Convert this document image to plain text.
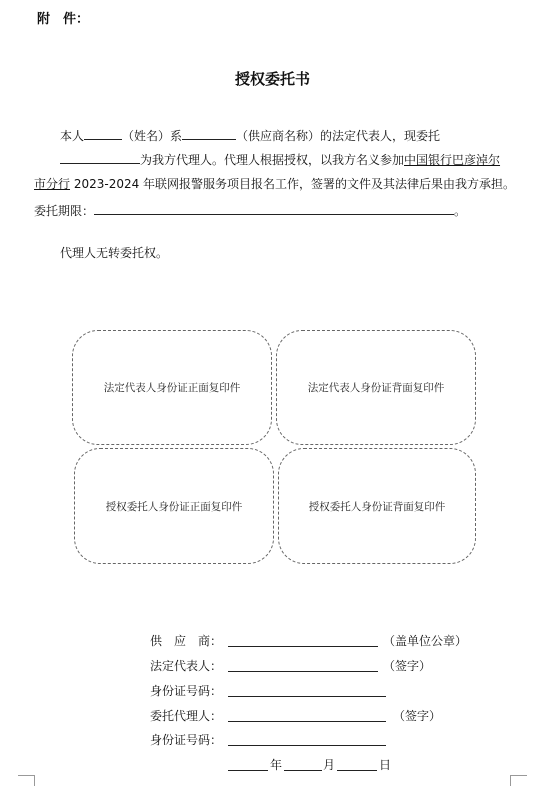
附　件：
授权委托书
本人	（姓名）系	（供应商名称）的法定代表人，现委托
为我方代理人。代理人根据授权，以我方名义参加中国银行巴彦淖尔
市分行 2023-2024 年联网报警服务项目报名工作，签署的文件及其法律后果由我方承担。
委托期限：	。
代理人无转委托权。
法定代表人身份证正面复印件	法定代表人身份证背面复印件
授权委托人身份证正面复印件	授权委托人身份证背面复印件
供　应　商：	（盖单位公章）
法定代表人：	（签字）
身份证号码：
委托代理人：	（签字）
身份证号码：
年	月	日
